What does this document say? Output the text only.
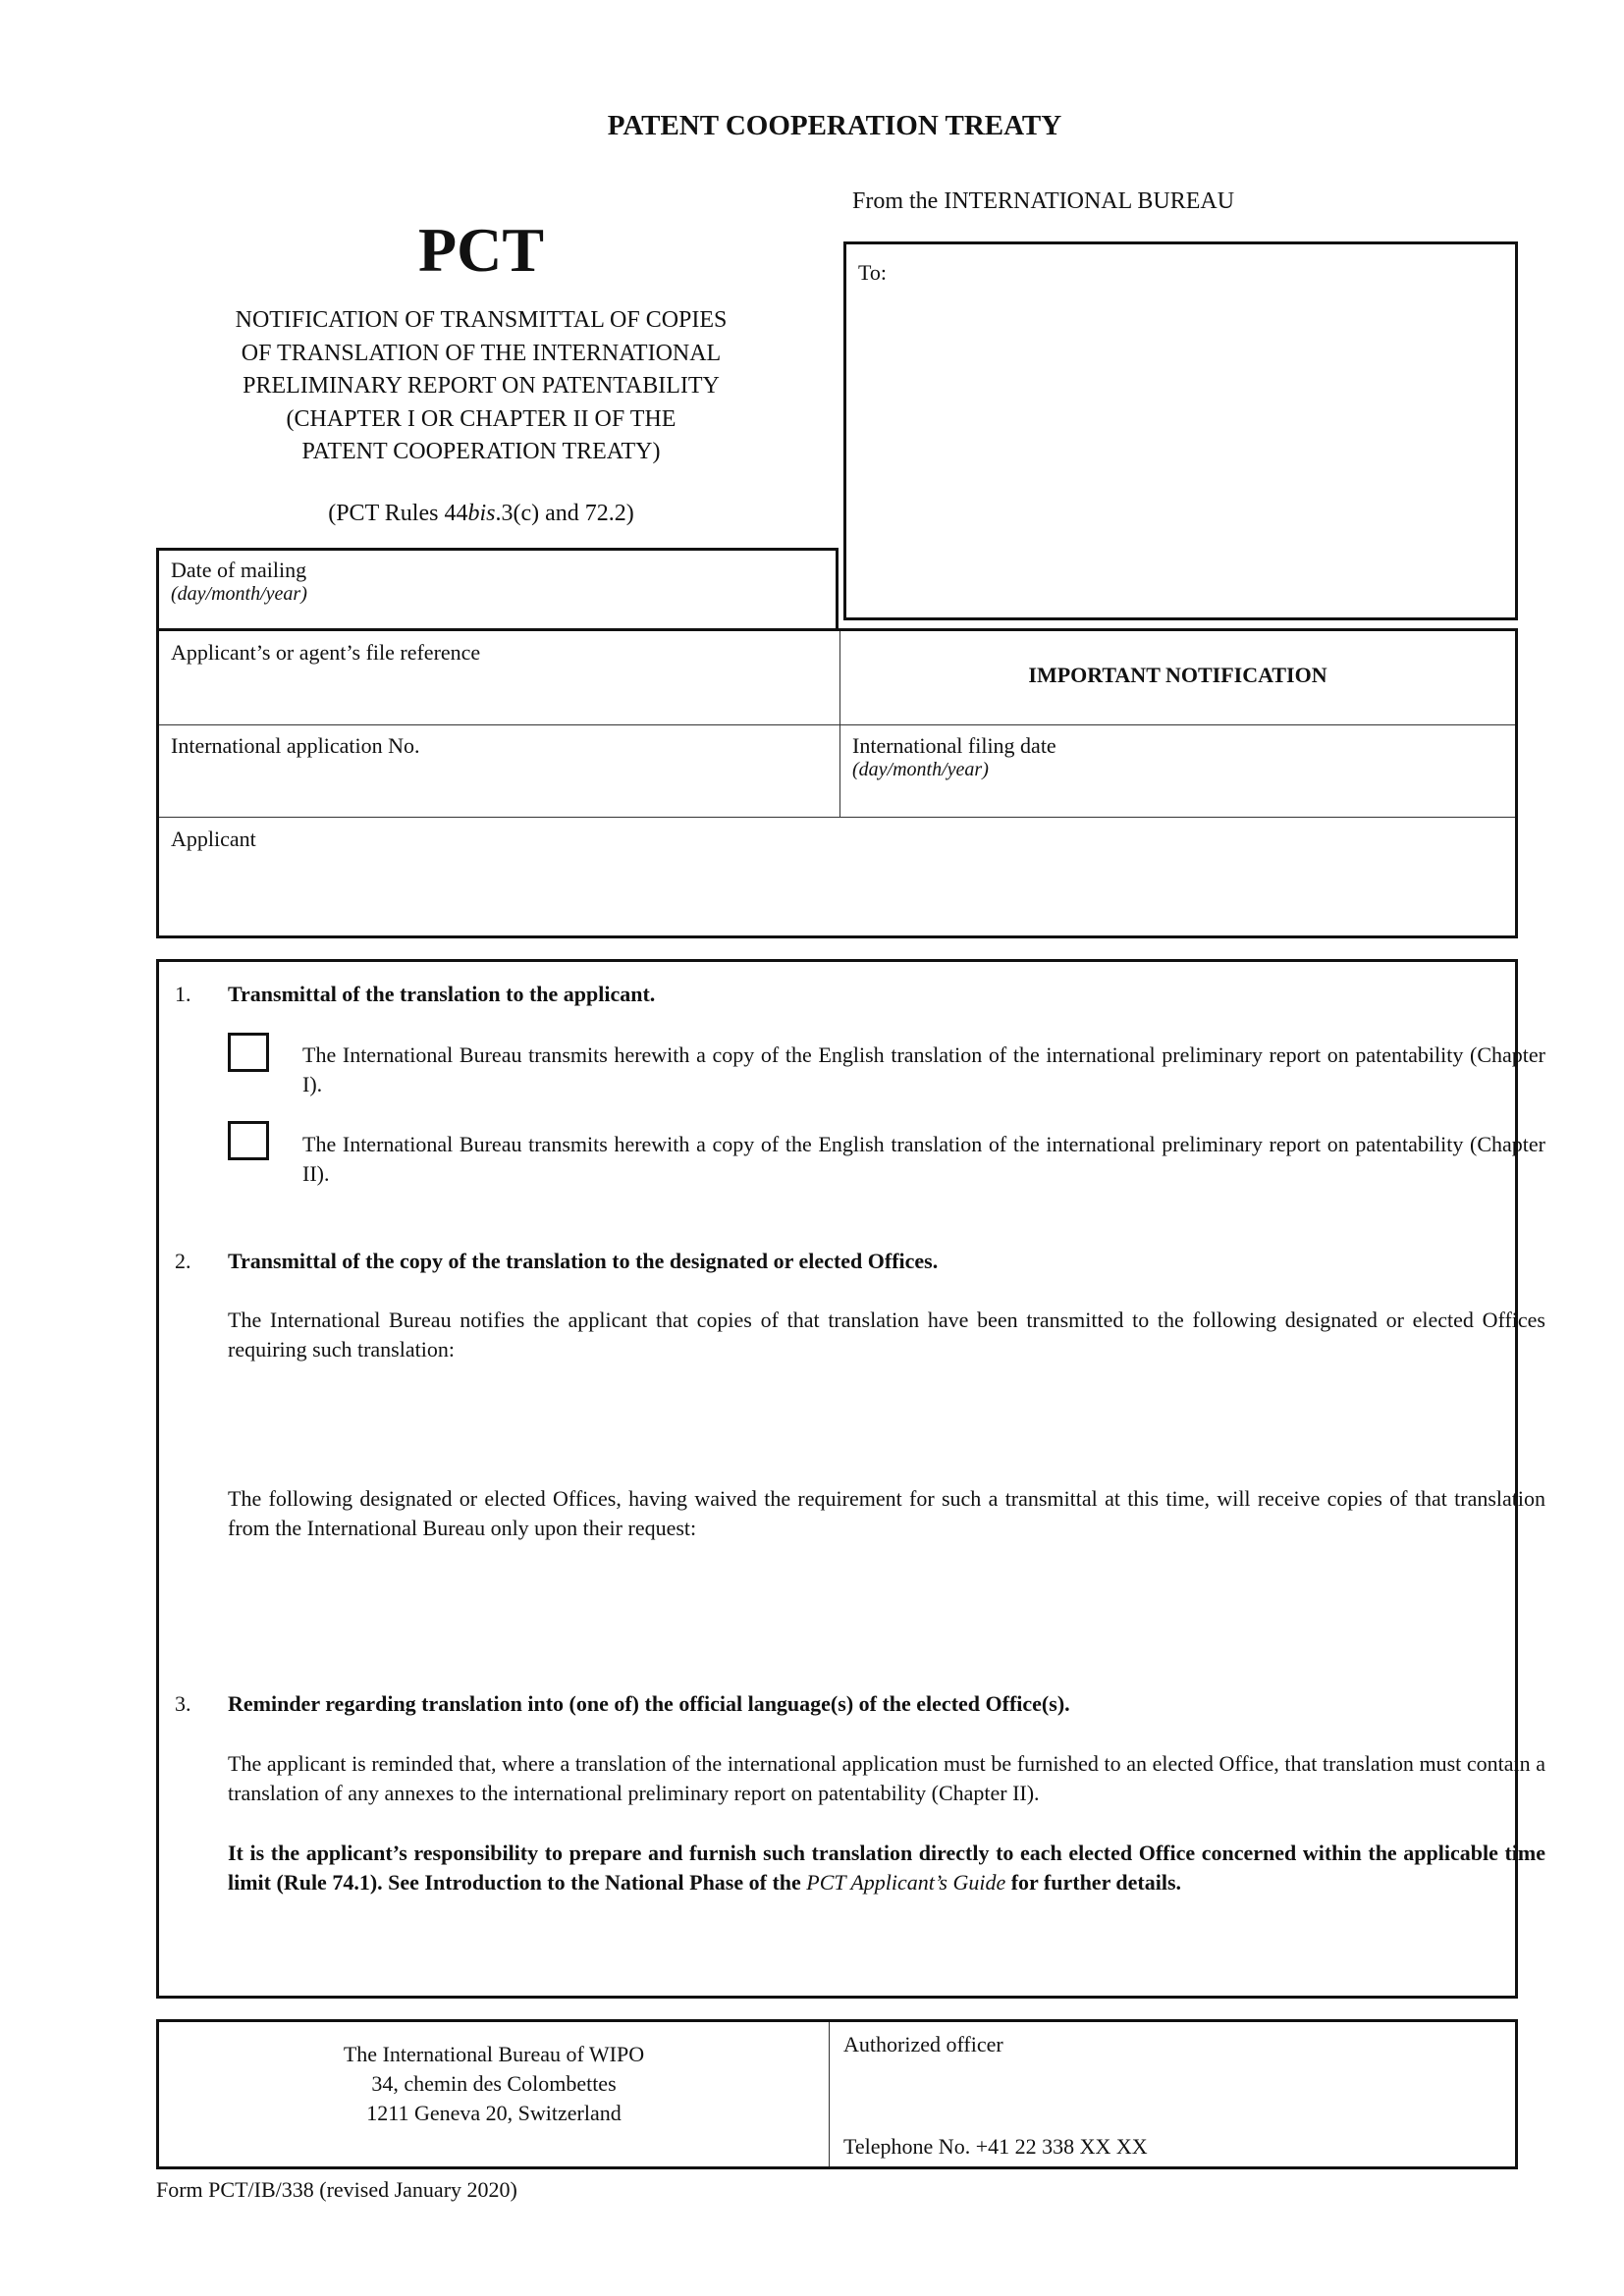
PATENT COOPERATION TREATY
From the INTERNATIONAL BUREAU
PCT
NOTIFICATION OF TRANSMITTAL OF COPIES
OF TRANSLATION OF THE INTERNATIONAL
PRELIMINARY REPORT ON PATENTABILITY
(CHAPTER I OR CHAPTER II OF THE
PATENT COOPERATION TREATY)
(PCT Rules 44bis.3(c) and 72.2)
To:
Date of mailing
(day/month/year)
Applicant’s or agent’s file reference
IMPORTANT NOTIFICATION
International application No.	International filing date
(day/month/year)
Applicant
1. Transmittal of the translation to the applicant.
The International Bureau transmits herewith a copy of the English translation of the international preliminary report on patentability (Chapter I).
The International Bureau transmits herewith a copy of the English translation of the international preliminary report on patentability (Chapter II).
2. Transmittal of the copy of the translation to the designated or elected Offices.
The International Bureau notifies the applicant that copies of that translation have been transmitted to the following designated or elected Offices requiring such translation:
The following designated or elected Offices, having waived the requirement for such a transmittal at this time, will receive copies of that translation from the International Bureau only upon their request:
3. Reminder regarding translation into (one of) the official language(s) of the elected Office(s).
The applicant is reminded that, where a translation of the international application must be furnished to an elected Office, that translation must contain a translation of any annexes to the international preliminary report on patentability (Chapter II).
It is the applicant’s responsibility to prepare and furnish such translation directly to each elected Office concerned within the applicable time limit (Rule 74.1). See Introduction to the National Phase of the PCT Applicant’s Guide for further details.
The International Bureau of WIPO
34, chemin des Colombettes
1211 Geneva 20, Switzerland
Authorized officer
Telephone No. +41 22 338 XX XX
Form PCT/IB/338 (revised January 2020)
